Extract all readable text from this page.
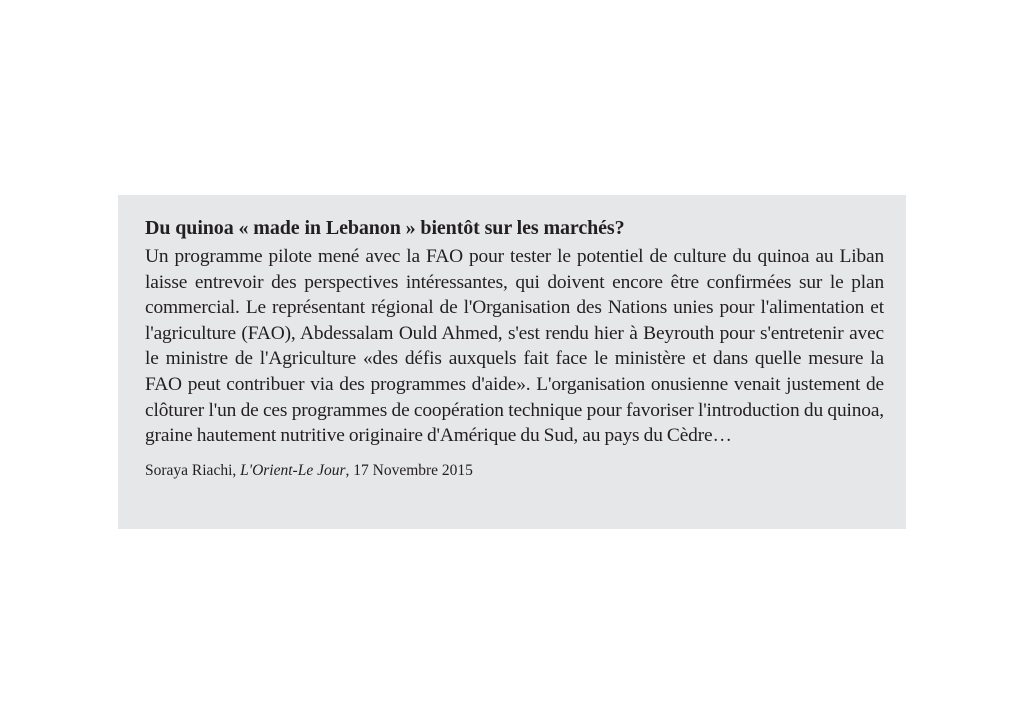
Du quinoa « made in Lebanon » bientôt sur les marchés?

Un programme pilote mené avec la FAO pour tester le potentiel de culture du quinoa au Liban laisse entrevoir des perspectives intéressantes, qui doivent encore être confirmées sur le plan commercial. Le représentant régional de l'Organisation des Nations unies pour l'alimentation et l'agriculture (FAO), Abdessalam Ould Ahmed, s'est rendu hier à Beyrouth pour s'entretenir avec le ministre de l'Agriculture «des défis auxquels fait face le ministère et dans quelle mesure la FAO peut contribuer via des programmes d'aide». L'organisation onusienne venait justement de clôturer l'un de ces programmes de coopération technique pour favoriser l'introduction du quinoa, graine hautement nutritive originaire d'Amérique du Sud, au pays du Cèdre…

Soraya Riachi, L'Orient-Le Jour, 17 Novembre 2015
